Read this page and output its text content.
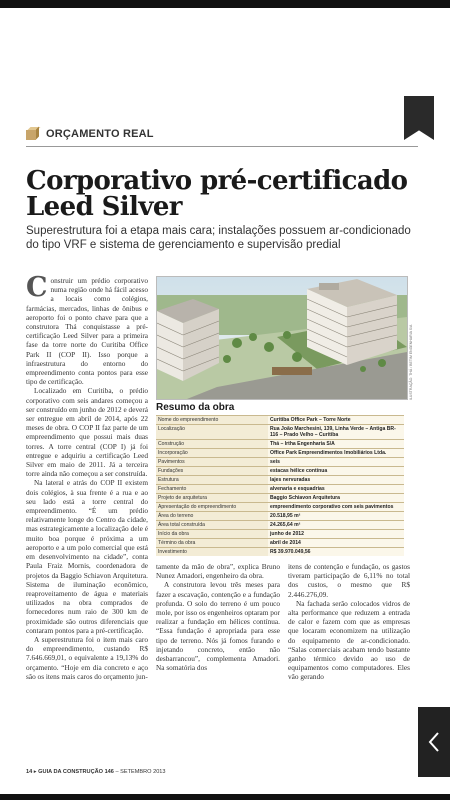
ORÇAMENTO REAL
Corporativo pré-certificado Leed Silver

Superestrutura foi a etapa mais cara; instalações possuem ar-condicionado do tipo VRF e sistema de gerenciamento e supervisão predial

Construir um prédio corporativo numa região onde há fácil acesso a locais como colégios, farmácias, mercados, linhas de ônibus e aeroporto foi o ponto chave para que a construtora Thá conquistasse a pré-certificação Leed Silver para a primeira fase da torre norte do Curitiba Office Park II (COP II). Isso porque a infraestrutura do entorno do empreendimento conta pontos para esse tipo de certificação.

Localizado em Curitiba, o prédio corporativo com seis andares começou a ser construído em junho de 2012 e deverá ser entregue em abril de 2014, após 22 meses de obra. O COP II faz parte de um empreendimento que possui mais duas torres. A torre central (COP I) já foi entregue e adquiriu a certificação Leed Silver em maio de 2011. Já a terceira torre ainda não começou a ser construída.

Na lateral e atrás do COP II existem dois colégios, à sua frente é a rua e ao seu lado está a torre central do empreendimento. “É um prédio relativamente longe do Centro da cidade, mas estrategicamente a localização dele é muito boa porque é próxima a um aeroporto e a um polo comercial que está em desenvolvimento na cidade”, conta Paula Fraiz Mornis, coordenadora de projetos da Baggio Schiavon Arquitetura. Sistema de iluminação econômico, reaproveitamento de água e materiais utilizados na obra comprados de fornecedores num raio de 300 km de proximidade são outros diferenciais que contaram pontos para a pré-certificação.

A superestrutura foi o item mais caro do empreendimento, custando R$ 7.646.669,01, o equivalente a 19,13% do orçamento. “Hoje em dia concreto e aço são os itens mais caros do orçamento jun-

ILUSTRAÇÃO: THÁ / BETIM ENGENHARIA S/A
Resumo da obra
Nome do empreendimento	Curitiba Office Park – Torre Norte
Localização	Rua João Marchesini, 139, Linha Verde – Antiga BR-116 – Prado Velho – Curitiba
Construção	Thá – Irtha Engenharia S/A
Incorporação	Office Park Empreendimentos Imobiliários Ltda.
Pavimentos	seis
Fundações	estacas hélice contínua
Estrutura	lajes nervuradas
Fechamento	alvenaria e esquadrias
Projeto de arquitetura	Baggio Schiavon Arquitetura
Apresentação do empreendimento	empreendimento corporativo com seis pavimentos
Área do terreno	20.518,95 m²
Área total construída	24.265,64 m²
Início da obra	junho de 2012
Término da obra	abril de 2014
Investimento	R$ 39.970.049,56

tamente da mão de obra”, explica Bruno Nunez Amadori, engenheiro da obra.

A construtora levou três meses para fazer a escavação, contenção e a fundação profunda. O solo do terreno é um pouco mole, por isso os engenheiros optaram por realizar a fundação em hélices contínua. “Essa fundação é apropriada para esse tipo de terreno. Nós já fomos furando e injetando concreto, então não desbarrancou”, complementa Amadori. Na somatória dos

itens de contenção e fundação, os gastos tiveram participação de 6,11% no total dos custos, o mesmo que R$ 2.446.276,09.

Na fachada serão colocados vidros de alta performance que reduzem a entrada de calor e fazem com que as empresas que locaram economizem na utilização do equipamento de ar-condicionado. “Salas comerciais acabam tendo bastante ganho térmico devido ao uso de equipamentos como computadores. Eles vão gerando

14 ▸ GUIA DA CONSTRUÇÃO 146 – SETEMBRO 2013
